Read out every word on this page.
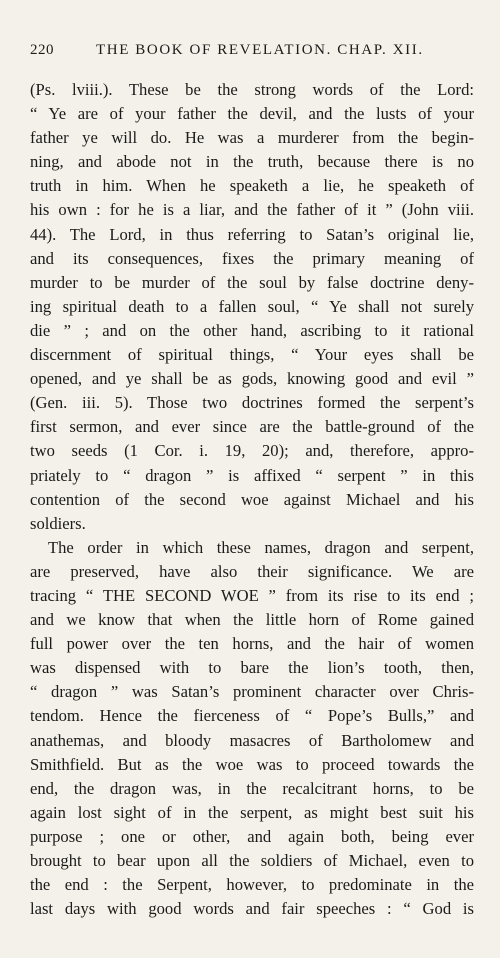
220	THE BOOK OF REVELATION. CHAP. XII.
(Ps. lviii.). These be the strong words of the Lord:
“ Ye are of your father the devil, and the lusts of your
father ye will do. He was a murderer from the begin-
ning, and abode not in the truth, because there is no
truth in him. When he speaketh a lie, he speaketh of
his own : for he is a liar, and the father of it ” (John viii.
44). The Lord, in thus referring to Satan’s original lie,
and its consequences, fixes the primary meaning of
murder to be murder of the soul by false doctrine deny-
ing spiritual death to a fallen soul, “ Ye shall not surely
die ” ; and on the other hand, ascribing to it rational
discernment of spiritual things, “ Your eyes shall be
opened, and ye shall be as gods, knowing good and evil ”
(Gen. iii. 5). Those two doctrines formed the serpent’s
first sermon, and ever since are the battle-ground of the
two seeds (1 Cor. i. 19, 20); and, therefore, appro-
priately to “ dragon ” is affixed “ serpent ” in this
contention of the second woe against Michael and his
soldiers.
The order in which these names, dragon and serpent,
are preserved, have also their significance. We are
tracing “ THE SECOND WOE ” from its rise to its end ;
and we know that when the little horn of Rome gained
full power over the ten horns, and the hair of women
was dispensed with to bare the lion’s tooth, then,
“ dragon ” was Satan’s prominent character over Chris-
tendom. Hence the fierceness of “ Pope’s Bulls,” and
anathemas, and bloody masacres of Bartholomew and
Smithfield. But as the woe was to proceed towards the
end, the dragon was, in the recalcitrant horns, to be
again lost sight of in the serpent, as might best suit his
purpose ; one or other, and again both, being ever
brought to bear upon all the soldiers of Michael, even to
the end : the Serpent, however, to predominate in the
last days with good words and fair speeches : “ God is
